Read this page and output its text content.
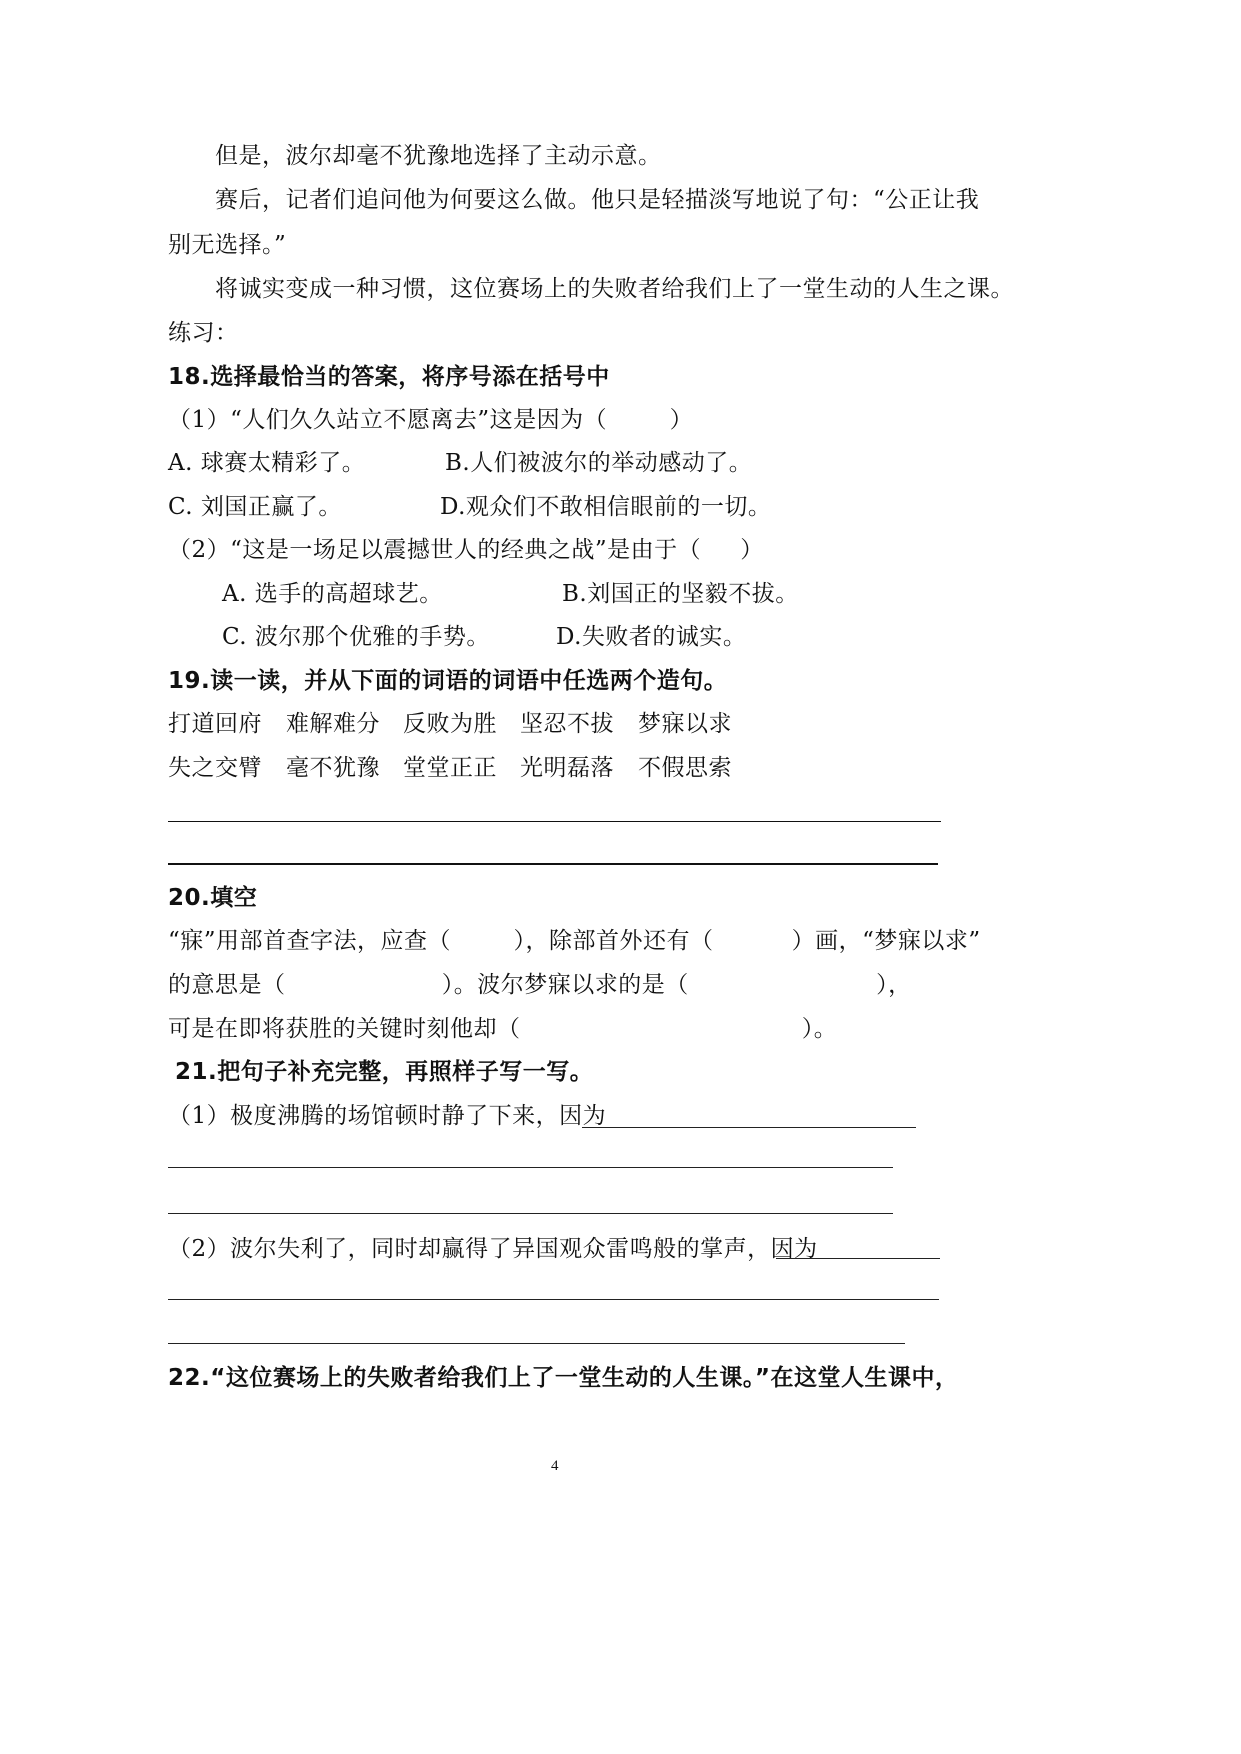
但是，波尔却毫不犹豫地选择了主动示意。
赛后，记者们追问他为何要这么做。他只是轻描淡写地说了句：“公正让我
别无选择。”
将诚实变成一种习惯，这位赛场上的失败者给我们上了一堂生动的人生之课。
练习：
18.选择最恰当的答案，将序号添在括号中
（1）“人们久久站立不愿离去”这是因为（        ）
A. 球赛太精彩了。	B.人们被波尔的举动感动了。
C. 刘国正赢了。	D.观众们不敢相信眼前的一切。
（2）“这是一场足以震撼世人的经典之战”是由于（     ）
A. 选手的高超球艺。	B.刘国正的坚毅不拔。
C. 波尔那个优雅的手势。	D.失败者的诚实。
19.读一读，并从下面的词语的词语中任选两个造句。
打道回府 难解难分 反败为胜 坚忍不拔 梦寐以求
失之交臂 毫不犹豫 堂堂正正 光明磊落 不假思索
20.填空
“寐”用部首查字法，应查（        ），除部首外还有（          ）画，“梦寐以求”
的意思是（                    ）。波尔梦寐以求的是（                        ），
可是在即将获胜的关键时刻他却（                                    ）。
21.把句子补充完整，再照样子写一写。
（1）极度沸腾的场馆顿时静了下来，因为
（2）波尔失利了，同时却赢得了异国观众雷鸣般的掌声，因为
22.“这位赛场上的失败者给我们上了一堂生动的人生课。”在这堂人生课中，
4
